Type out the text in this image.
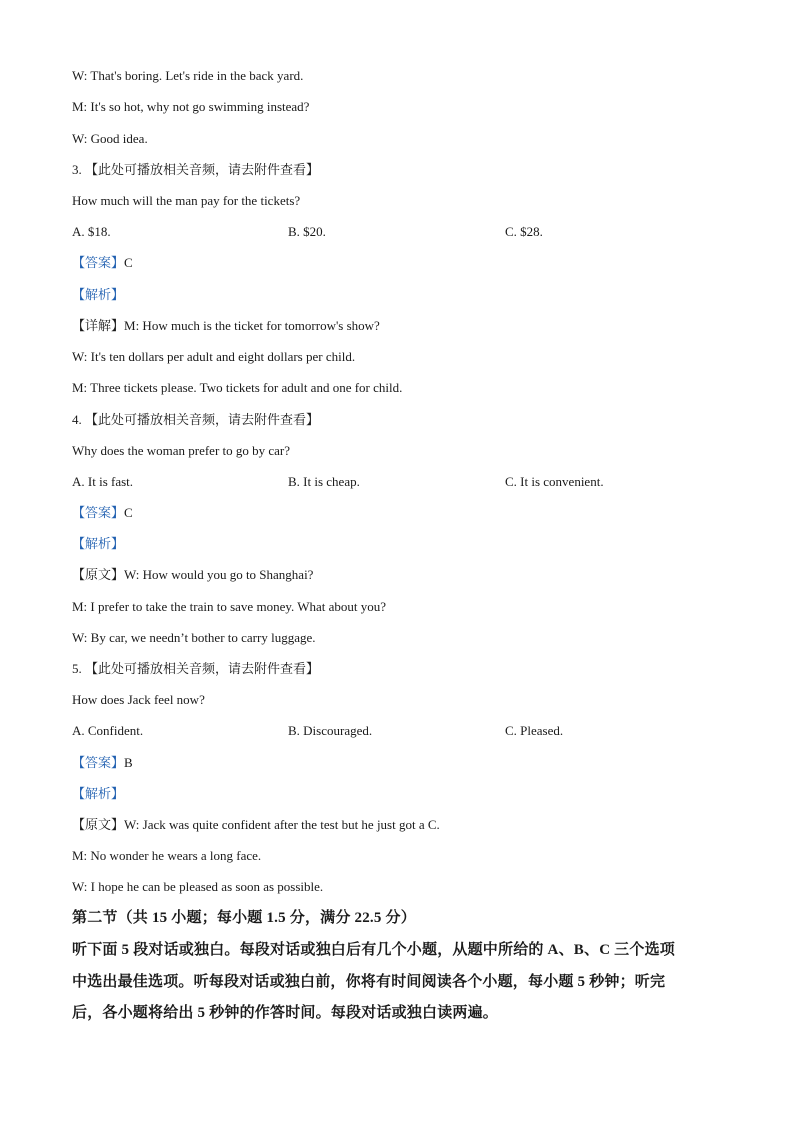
W: That's boring. Let's ride in the back yard.
M: It's so hot, why not go swimming instead?
W: Good idea.
3. 【此处可播放相关音频，请去附件查看】
How much will the man pay for the tickets?
A. $18.	B. $20.	C. $28.
【答案】C
【解析】
【详解】M: How much is the ticket for tomorrow's show?
W: It's ten dollars per adult and eight dollars per child.
M: Three tickets please. Two tickets for adult and one for child.
4. 【此处可播放相关音频，请去附件查看】
Why does the woman prefer to go by car?
A. It is fast.	B. It is cheap.	C. It is convenient.
【答案】C
【解析】
【原文】W: How would you go to Shanghai?
M: I prefer to take the train to save money. What about you?
W: By car, we needn’t bother to carry luggage.
5. 【此处可播放相关音频，请去附件查看】
How does Jack feel now?
A. Confident.	B. Discouraged.	C. Pleased.
【答案】B
【解析】
【原文】W: Jack was quite confident after the test but he just got a C.
M: No wonder he wears a long face.
W: I hope he can be pleased as soon as possible.
第二节（共 15 小题；每小题 1.5 分，满分 22.5 分）
听下面 5 段对话或独白。每段对话或独白后有几个小题，从题中所给的 A、B、C 三个选项
中选出最佳选项。听每段对话或独白前，你将有时间阅读各个小题，每小题 5 秒钟；听完
后，各小题将给出 5 秒钟的作答时间。每段对话或独白读两遍。
